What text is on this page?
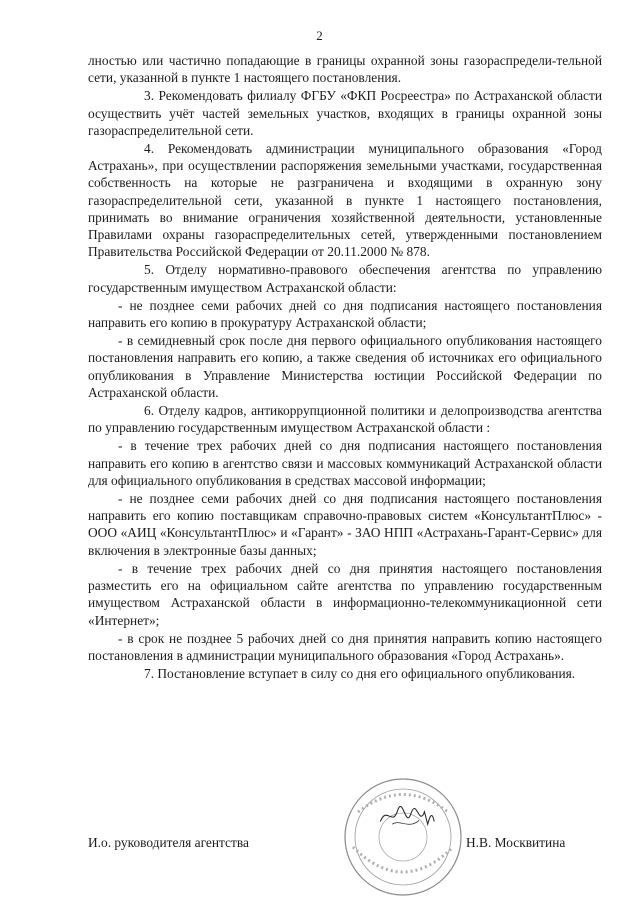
2

лностью или частично попадающие в границы охранной зоны газораспредели-тельной сети, указанной в пункте 1 настоящего постановления.

3. Рекомендовать филиалу ФГБУ «ФКП Росреестра» по Астраханской области осуществить учёт частей земельных участков, входящих в границы охранной зоны газораспределительной сети.

4. Рекомендовать администрации муниципального образования «Город Астрахань», при осуществлении распоряжения земельными участками, государственная собственность на которые не разграничена и входящими в охранную зону газораспределительной сети, указанной в пункте 1 настоящего постановления, принимать во внимание ограничения хозяйственной деятельности, установленные Правилами охраны газораспределительных сетей, утвержденными постановлением Правительства Российской Федерации от 20.11.2000 № 878.

5. Отделу нормативно-правового обеспечения агентства по управлению государственным имуществом Астраханской области:

- не позднее семи рабочих дней со дня подписания настоящего постановления направить его копию в прокуратуру Астраханской области;

- в семидневный срок после дня первого официального опубликования настоящего постановления направить его копию, а также сведения об источниках его официального опубликования в Управление Министерства юстиции Российской Федерации по Астраханской области.

6. Отделу кадров, антикоррупционной политики и делопроизводства агентства по управлению государственным имуществом Астраханской области :

- в течение трех рабочих дней со дня подписания настоящего постановления направить его копию в агентство связи и массовых коммуникаций Астраханской области для официального опубликования в средствах массовой информации;

- не позднее семи рабочих дней со дня подписания настоящего постановления направить его копию поставщикам справочно-правовых систем «КонсультантПлюс» - ООО «АИЦ «КонсультантПлюс» и «Гарант» - ЗАО НПП «Астрахань-Гарант-Сервис» для включения в электронные базы данных;

- в течение трех рабочих дней со дня принятия настоящего постановления разместить его на официальном сайте агентства по управлению государственным имуществом Астраханской области в информационно-телекоммуникационной сети «Интернет»;

- в срок не позднее 5 рабочих дней со дня принятия направить копию настоящего постановления в администрации муниципального образования «Город Астрахань».

7. Постановление вступает в силу со дня его официального опубликования.

И.о. руководителя агентства	Н.В. Москвитина
